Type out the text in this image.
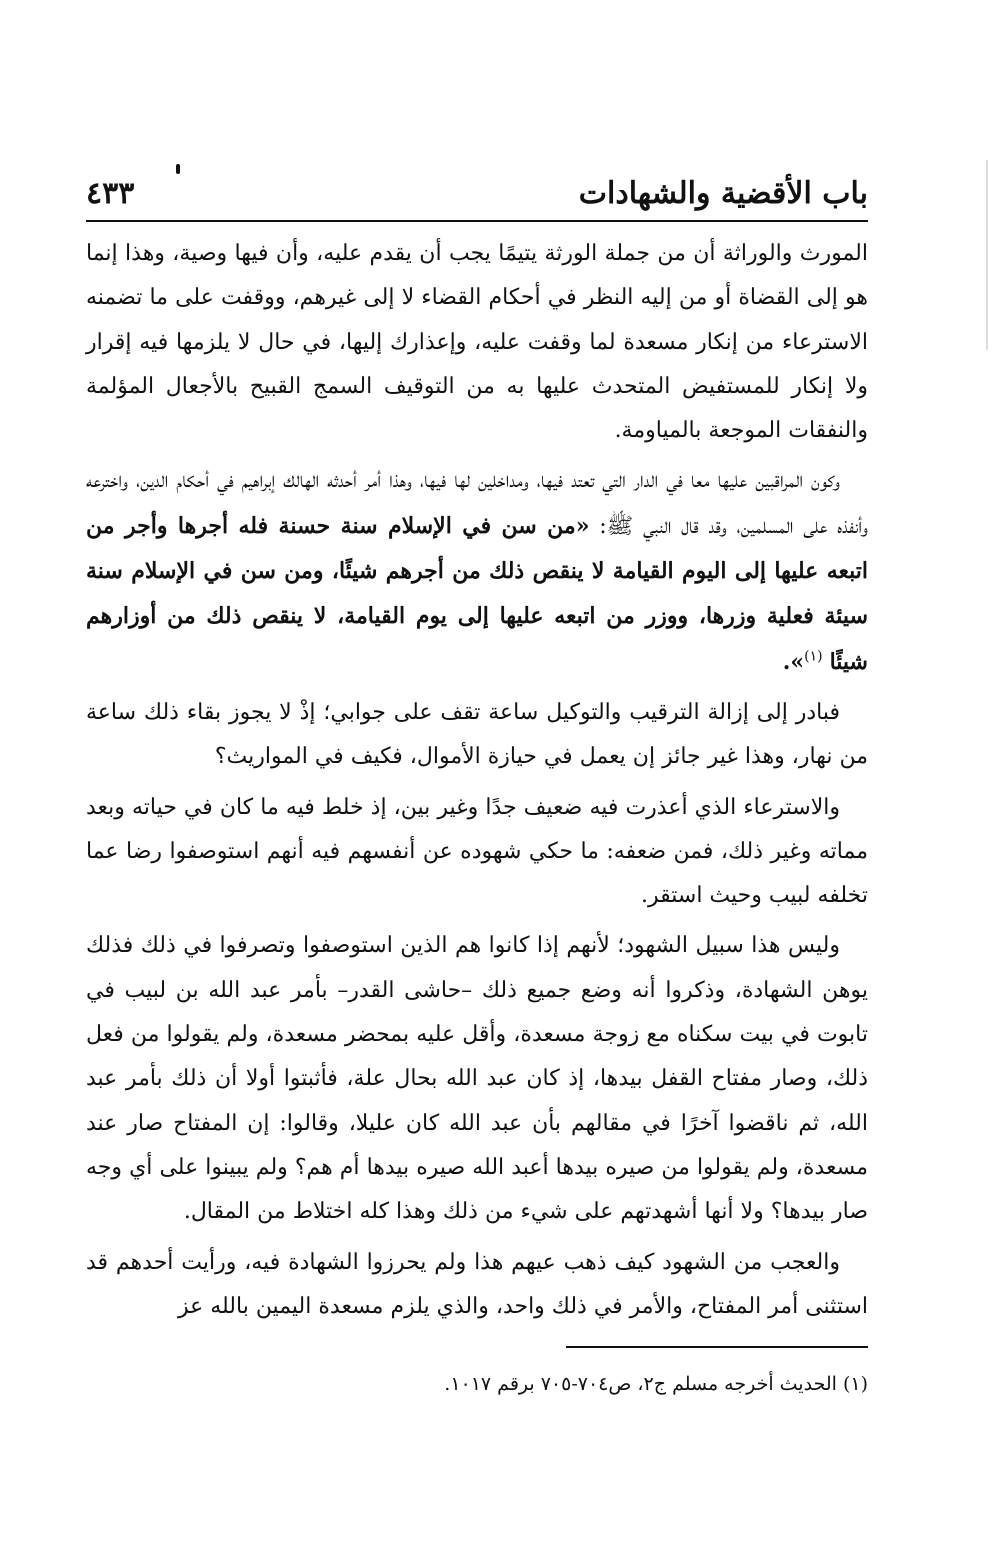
باب الأقضية والشهادات
٤٣٣

المورث والوراثة أن من جملة الورثة يتيمًا يجب أن يقدم عليه، وأن فيها وصية، وهذا إنما هو إلى القضاة أو من إليه النظر في أحكام القضاء لا إلى غيرهم، ووقفت على ما تضمنه الاسترعاء من إنكار مسعدة لما وقفت عليه، وإعذارك إليها، في حال لا يلزمها فيه إقرار ولا إنكار للمستفيض المتحدث عليها به من التوقيف السمج القبيح بالأجعال المؤلمة والنفقات الموجعة بالمياومة.

وكون المراقبين عليها معا في الدار التي تعتد فيها، ومداخلين لها فيها، وهذا أمر أحدثه الهالك إبراهيم في أحكام الدين، واخترعه وأنفذه على المسلمين، وقد قال النبي ﷺ: «من سن في الإسلام سنة حسنة فله أجرها وأجر من اتبعه عليها إلى اليوم القيامة لا ينقص ذلك من أجرهم شيئًا، ومن سن في الإسلام سنة سيئة فعلية وزرها، ووزر من اتبعه عليها إلى يوم القيامة، لا ينقص ذلك من أوزارهم شيئًا $^{(١)}$».

فبادر إلى إزالة الترقيب والتوكيل ساعة تقف على جوابي؛ إذْ لا يجوز بقاء ذلك ساعة من نهار، وهذا غير جائز إن يعمل في حيازة الأموال، فكيف في المواريث؟

والاسترعاء الذي أعذرت فيه ضعيف جدًا وغير بين، إذ خلط فيه ما كان في حياته وبعد مماته وغير ذلك، فمن ضعفه: ما حكي شهوده عن أنفسهم فيه أنهم استوصفوا رضا عما تخلفه لبيب وحيث استقر.

وليس هذا سبيل الشهود؛ لأنهم إذا كانوا هم الذين استوصفوا وتصرفوا في ذلك فذلك يوهن الشهادة، وذكروا أنه وضع جميع ذلك –حاشى القدر– بأمر عبد الله بن لبيب في تابوت في بيت سكناه مع زوجة مسعدة، وأقل عليه بمحضر مسعدة، ولم يقولوا من فعل ذلك، وصار مفتاح القفل بيدها، إذ كان عبد الله بحال علة، فأثبتوا أولا أن ذلك بأمر عبد الله، ثم ناقضوا آخرًا في مقالهم بأن عبد الله كان عليلا، وقالوا: إن المفتاح صار عند مسعدة، ولم يقولوا من صيره بيدها أعبد الله صيره بيدها أم هم؟ ولم يبينوا على أي وجه صار بيدها؟ ولا أنها أشهدتهم على شيء من ذلك وهذا كله اختلاط من المقال.

والعجب من الشهود كيف ذهب عيهم هذا ولم يحرزوا الشهادة فيه، ورأيت أحدهم قد استثنى أمر المفتاح، والأمر في ذلك واحد، والذي يلزم مسعدة اليمين بالله عز

(١) الحديث أخرجه مسلم ج٢، ص٧٠٤-٧٠٥ برقم ١٠١٧.
